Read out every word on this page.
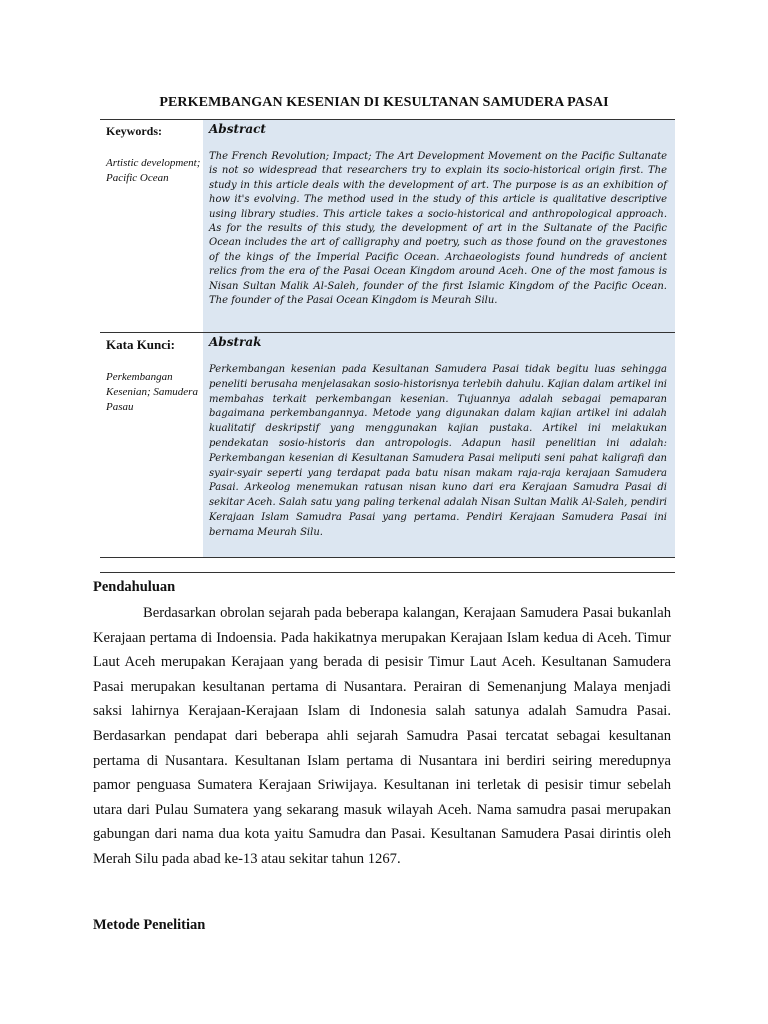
PERKEMBANGAN KESENIAN DI KESULTANAN SAMUDERA PASAI
Keywords:
Artistic development; Pacific Ocean
Abstract
The French Revolution; Impact; The Art Development Movement on the Pacific Sultanate is not so widespread that researchers try to explain its socio-historical origin first. The study in this article deals with the development of art. The purpose is as an exhibition of how it's evolving. The method used in the study of this article is qualitative descriptive using library studies. This article takes a socio-historical and anthropological approach. As for the results of this study, the development of art in the Sultanate of the Pacific Ocean includes the art of calligraphy and poetry, such as those found on the gravestones of the kings of the Imperial Pacific Ocean. Archaeologists found hundreds of ancient relics from the era of the Pasai Ocean Kingdom around Aceh. One of the most famous is Nisan Sultan Malik Al-Saleh, founder of the first Islamic Kingdom of the Pacific Ocean. The founder of the Pasai Ocean Kingdom is Meurah Silu.
Kata Kunci:
Perkembangan Kesenian; Samudera Pasau
Abstrak
Perkembangan kesenian pada Kesultanan Samudera Pasai tidak begitu luas sehingga peneliti berusaha menjelasakan sosio-historisnya terlebih dahulu. Kajian dalam artikel ini membahas terkait perkembangan kesenian. Tujuannya adalah sebagai pemaparan bagaimana perkembangannya. Metode yang digunakan dalam kajian artikel ini adalah kualitatif deskripstif yang menggunakan kajian pustaka. Artikel ini melakukan pendekatan sosio-historis dan antropologis. Adapun hasil penelitian ini adalah: Perkembangan kesenian di Kesultanan Samudera Pasai meliputi seni pahat kaligrafi dan syair-syair seperti yang terdapat pada batu nisan makam raja-raja kerajaan Samudera Pasai. Arkeolog menemukan ratusan nisan kuno dari era Kerajaan Samudra Pasai di sekitar Aceh. Salah satu yang paling terkenal adalah Nisan Sultan Malik Al-Saleh, pendiri Kerajaan Islam Samudra Pasai yang pertama. Pendiri Kerajaan Samudera Pasai ini bernama Meurah Silu.
Pendahuluan

Berdasarkan obrolan sejarah pada beberapa kalangan, Kerajaan Samudera Pasai bukanlah Kerajaan pertama di Indoensia. Pada hakikatnya merupakan Kerajaan Islam kedua di Aceh. Timur Laut Aceh merupakan Kerajaan yang berada di pesisir Timur Laut Aceh. Kesultanan Samudera Pasai merupakan kesultanan pertama di Nusantara. Perairan di Semenanjung Malaya menjadi saksi lahirnya Kerajaan-Kerajaan Islam di Indonesia salah satunya adalah Samudra Pasai. Berdasarkan pendapat dari beberapa ahli sejarah Samudra Pasai tercatat sebagai kesultanan pertama di Nusantara. Kesultanan Islam pertama di Nusantara ini berdiri seiring meredupnya pamor penguasa Sumatera Kerajaan Sriwijaya. Kesultanan ini terletak di pesisir timur sebelah utara dari Pulau Sumatera yang sekarang masuk wilayah Aceh. Nama samudra pasai merupakan gabungan dari nama dua kota yaitu Samudra dan Pasai. Kesultanan Samudera Pasai dirintis oleh Merah Silu pada abad ke-13 atau sekitar tahun 1267.

Metode Penelitian
